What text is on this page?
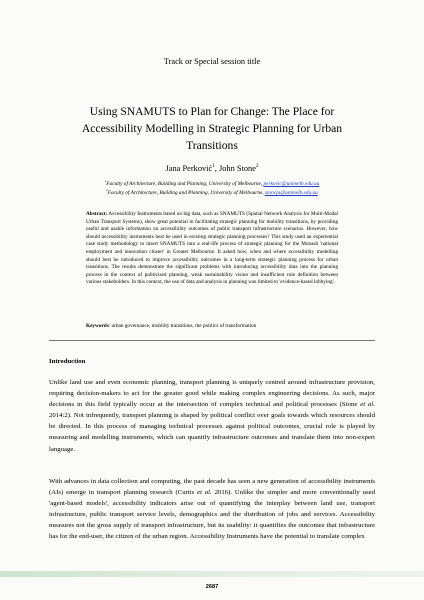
Track or Special session title
Using SNAMUTS to Plan for Change: The Place for Accessibility Modelling in Strategic Planning for Urban Transitions
Jana Perković$^1$, John Stone$^2$
$^1$Faculty of Architecture, Building and Planning, University of Melbourne, perkovic@unimelb.edu.au
$^2$Faculty of Architecture, Building and Planning, University of Melbourne, stoncja@unimelb.edu.au
Abstract: Accessibility Instruments based on big data, such as SNAMUTS (Spatial Network Analysis for Multi-Modal Urban Transport Systems), show great potential in facilitating strategic planning for mobility transitions, by providing useful and usable information on accessibility outcomes of public transport infrastructure scenarios. However, how should accessibility instruments best be used in existing strategic planning processes? This study used an experiential case study methodology to insert SNAMUTS into a real-life process of strategic planning for the Monash 'national employment and innovation cluster' in Greater Melbourne. It asked how, when and where accessibility modelling should best be introduced to improve accessibility outcomes in a long-term strategic planning process for urban transitions. The results demonstrate the significant problems with introducing accessibility data into the planning process in the context of politicised planning, weak sustainability vision and insufficient role definition between various stakeholders. In this context, the use of data and analysis in planning was limited to 'evidence-based lobbying'.
Keywords: urban governance, mobility transitions, the politics of transformation
Introduction
Unlike land use and even economic planning, transport planning is uniquely centred around infrastructure provision, requiring decision-makers to act for the greater good while making complex engineering decisions. As such, major decisions in this field typically occur at the intersection of complex technical and political processes (Stone et al. 2014:2). Not infrequently, transport planning is shaped by political conflict over goals towards which resources should be directed. In this process of managing technical processes against political outcomes, crucial role is played by measuring and modelling instruments, which can quantify infrastructure outcomes and translate them into non-expert language.
With advances in data collection and computing, the past decade has seen a new generation of accessibility instruments (AIs) emerge in transport planning research (Curtis et al. 2016). Unlike the simpler and more conventionally used 'agent-based models', accessibility indicators arise out of quantifying the interplay between land use, transport infrastructure, public transport service levels, demographics and the distribution of jobs and services. Accessibility measures not the gross supply of transport infrastructure, but its usability: it quantifies the outcomes that infrastructure has for the end-user, the citizen of the urban region. Accessibility Instruments have the potential to translate complex
2687
